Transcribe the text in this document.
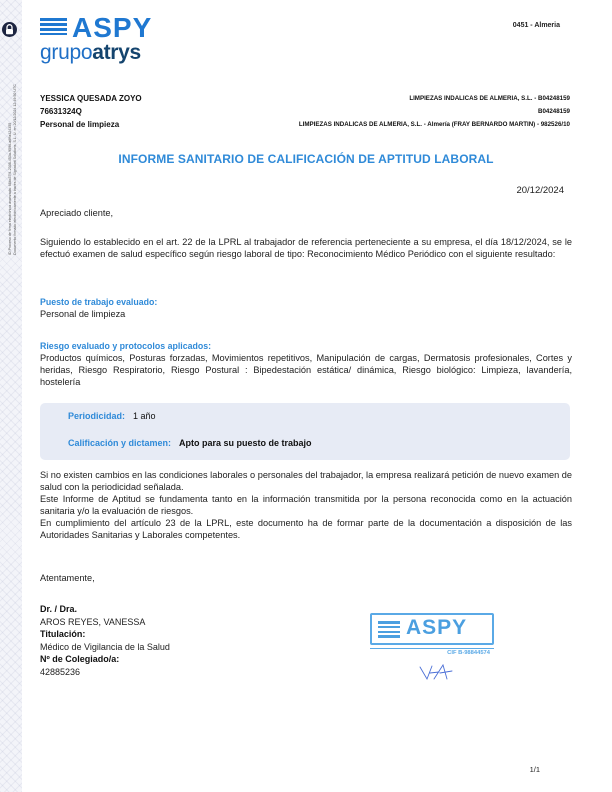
ID Proceso de firma electrónica avanzada: 68bc37f4-2308-453a-9596-a6ffa424355 Documento firmado electrónicamente a través de Signaturit Solutions, S.L. U. en 20/12/2024 12:49:50 UTC
ASPY
grupoatrys
0451 - Almeria
YESSICA QUESADA ZOYO
76631324Q
Personal de limpieza
LIMPIEZAS INDALICAS DE ALMERIA, S.L. - B04248159
B04248159
LIMPIEZAS INDALICAS DE ALMERIA, S.L. - Almería (FRAY BERNARDO MARTIN) - 982526/10
INFORME SANITARIO DE CALIFICACIÓN DE APTITUD LABORAL
20/12/2024
Apreciado cliente,
Siguiendo lo establecido en el art. 22 de la LPRL al trabajador de referencia perteneciente a su empresa, el día 18/12/2024, se le efectuó examen de salud específico según riesgo laboral de tipo: Reconocimiento Médico Periódico con el siguiente resultado:
Puesto de trabajo evaluado:
Personal de limpieza
Riesgo evaluado y protocolos aplicados:
Productos químicos, Posturas forzadas, Movimientos repetitivos, Manipulación de cargas, Dermatosis profesionales, Cortes y heridas, Riesgo Respiratorio, Riesgo Postural : Bipedestación estática/ dinámica, Riesgo biológico: Limpieza, lavandería, hostelería
Periodicidad: 1 año
Calificación y dictamen: Apto para su puesto de trabajo
Si no existen cambios en las condiciones laborales o personales del trabajador, la empresa realizará petición de nuevo examen de salud con la periodicidad señalada.
Este Informe de Aptitud se fundamenta tanto en la información transmitida por la persona reconocida como en la actuación sanitaria y/o la evaluación de riesgos.
En cumplimiento del artículo 23 de la LPRL, este documento ha de formar parte de la documentación a disposición de las Autoridades Sanitarias y Laborales competentes.
Atentamente,
Dr. / Dra.
AROS REYES, VANESSA
Titulación:
Médico de Vigilancia de la Salud
Nº de Colegiado/a:
42885236
ASPY
CIF B-98844574
1/1
